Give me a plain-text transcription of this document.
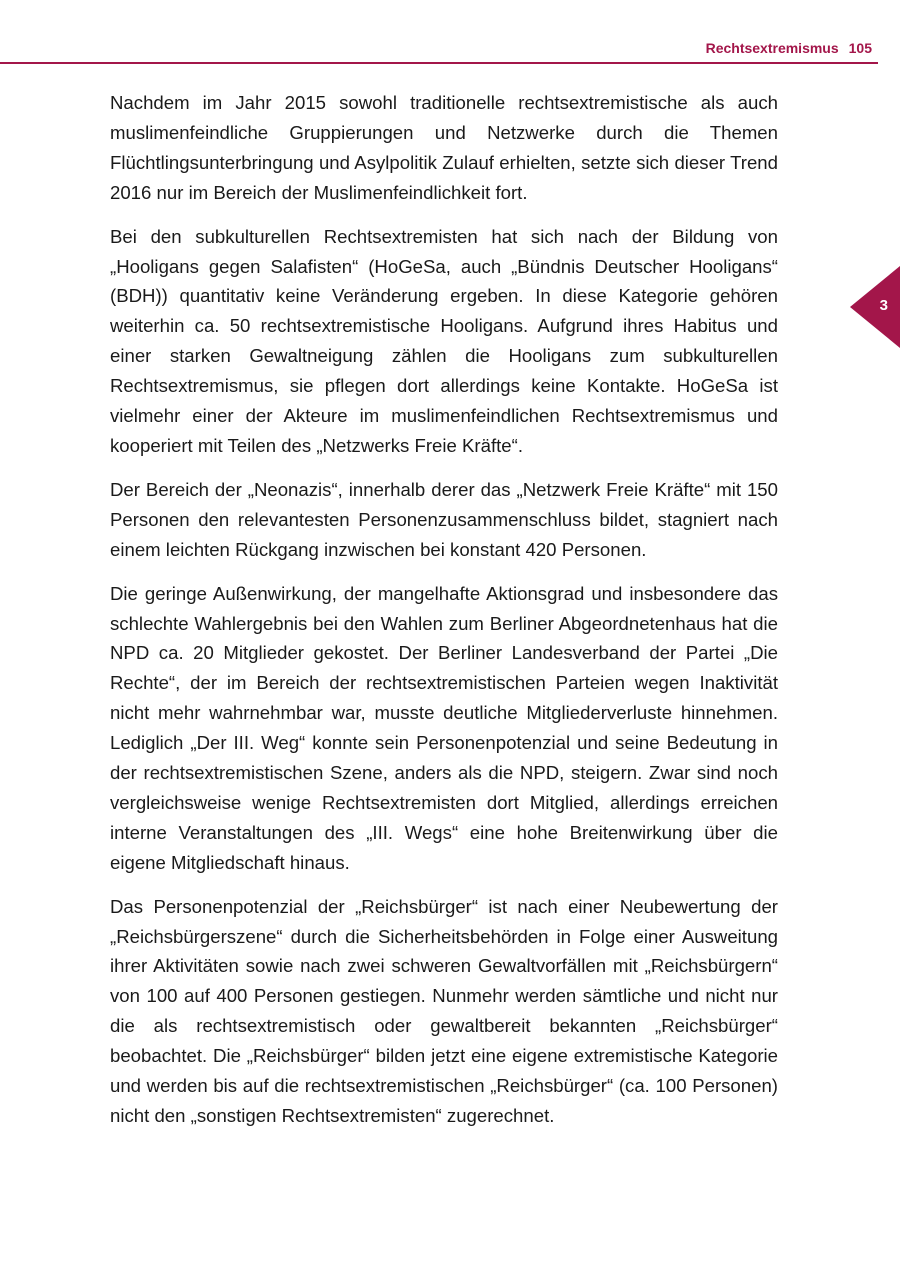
Rechtsextremismus 105
3

Nachdem im Jahr 2015 sowohl traditionelle rechtsextremistische als auch muslimenfeindliche Gruppierungen und Netzwerke durch die Themen Flüchtlingsunterbringung und Asylpolitik Zulauf erhielten, setzte sich dieser Trend 2016 nur im Bereich der Muslimenfeindlichkeit fort.

Bei den subkulturellen Rechtsextremisten hat sich nach der Bildung von „Hooligans gegen Salafisten“ (HoGeSa, auch „Bündnis Deutscher Hooligans“ (BDH)) quantitativ keine Veränderung ergeben. In diese Kategorie gehören weiterhin ca. 50 rechtsextremistische Hooligans. Aufgrund ihres Habitus und einer starken Gewaltneigung zählen die Hooligans zum subkulturellen Rechtsextremismus, sie pflegen dort allerdings keine Kontakte. HoGeSa ist vielmehr einer der Akteure im muslimenfeindlichen Rechtsextremismus und kooperiert mit Teilen des „Netzwerks Freie Kräfte“.

Der Bereich der „Neonazis“, innerhalb derer das „Netzwerk Freie Kräfte“ mit 150 Personen den relevantesten Personenzusammenschluss bildet, stagniert nach einem leichten Rückgang inzwischen bei konstant 420 Personen.

Die geringe Außenwirkung, der mangelhafte Aktionsgrad und insbesondere das schlechte Wahlergebnis bei den Wahlen zum Berliner Abgeordnetenhaus hat die NPD ca. 20 Mitglieder gekostet. Der Berliner Landesverband der Partei „Die Rechte“, der im Bereich der rechtsextremistischen Parteien wegen Inaktivität nicht mehr wahrnehmbar war, musste deutliche Mitgliederverluste hinnehmen. Lediglich „Der III. Weg“ konnte sein Personenpotenzial und seine Bedeutung in der rechtsextremistischen Szene, anders als die NPD, steigern. Zwar sind noch vergleichsweise wenige Rechtsextremisten dort Mitglied, allerdings erreichen interne Veranstaltungen des „III. Wegs“ eine hohe Breitenwirkung über die eigene Mitgliedschaft hinaus.

Das Personenpotenzial der „Reichsbürger“ ist nach einer Neubewertung der „Reichsbürgerszene“ durch die Sicherheitsbehörden in Folge einer Ausweitung ihrer Aktivitäten sowie nach zwei schweren Gewaltvorfällen mit „Reichsbürgern“ von 100 auf 400 Personen gestiegen. Nunmehr werden sämtliche und nicht nur die als rechtsextremistisch oder gewaltbereit bekannten „Reichsbürger“ beobachtet. Die „Reichsbürger“ bilden jetzt eine eigene extremistische Kategorie und werden bis auf die rechtsextremistischen „Reichsbürger“ (ca. 100 Personen) nicht den „sonstigen Rechtsextremisten“ zugerechnet.
